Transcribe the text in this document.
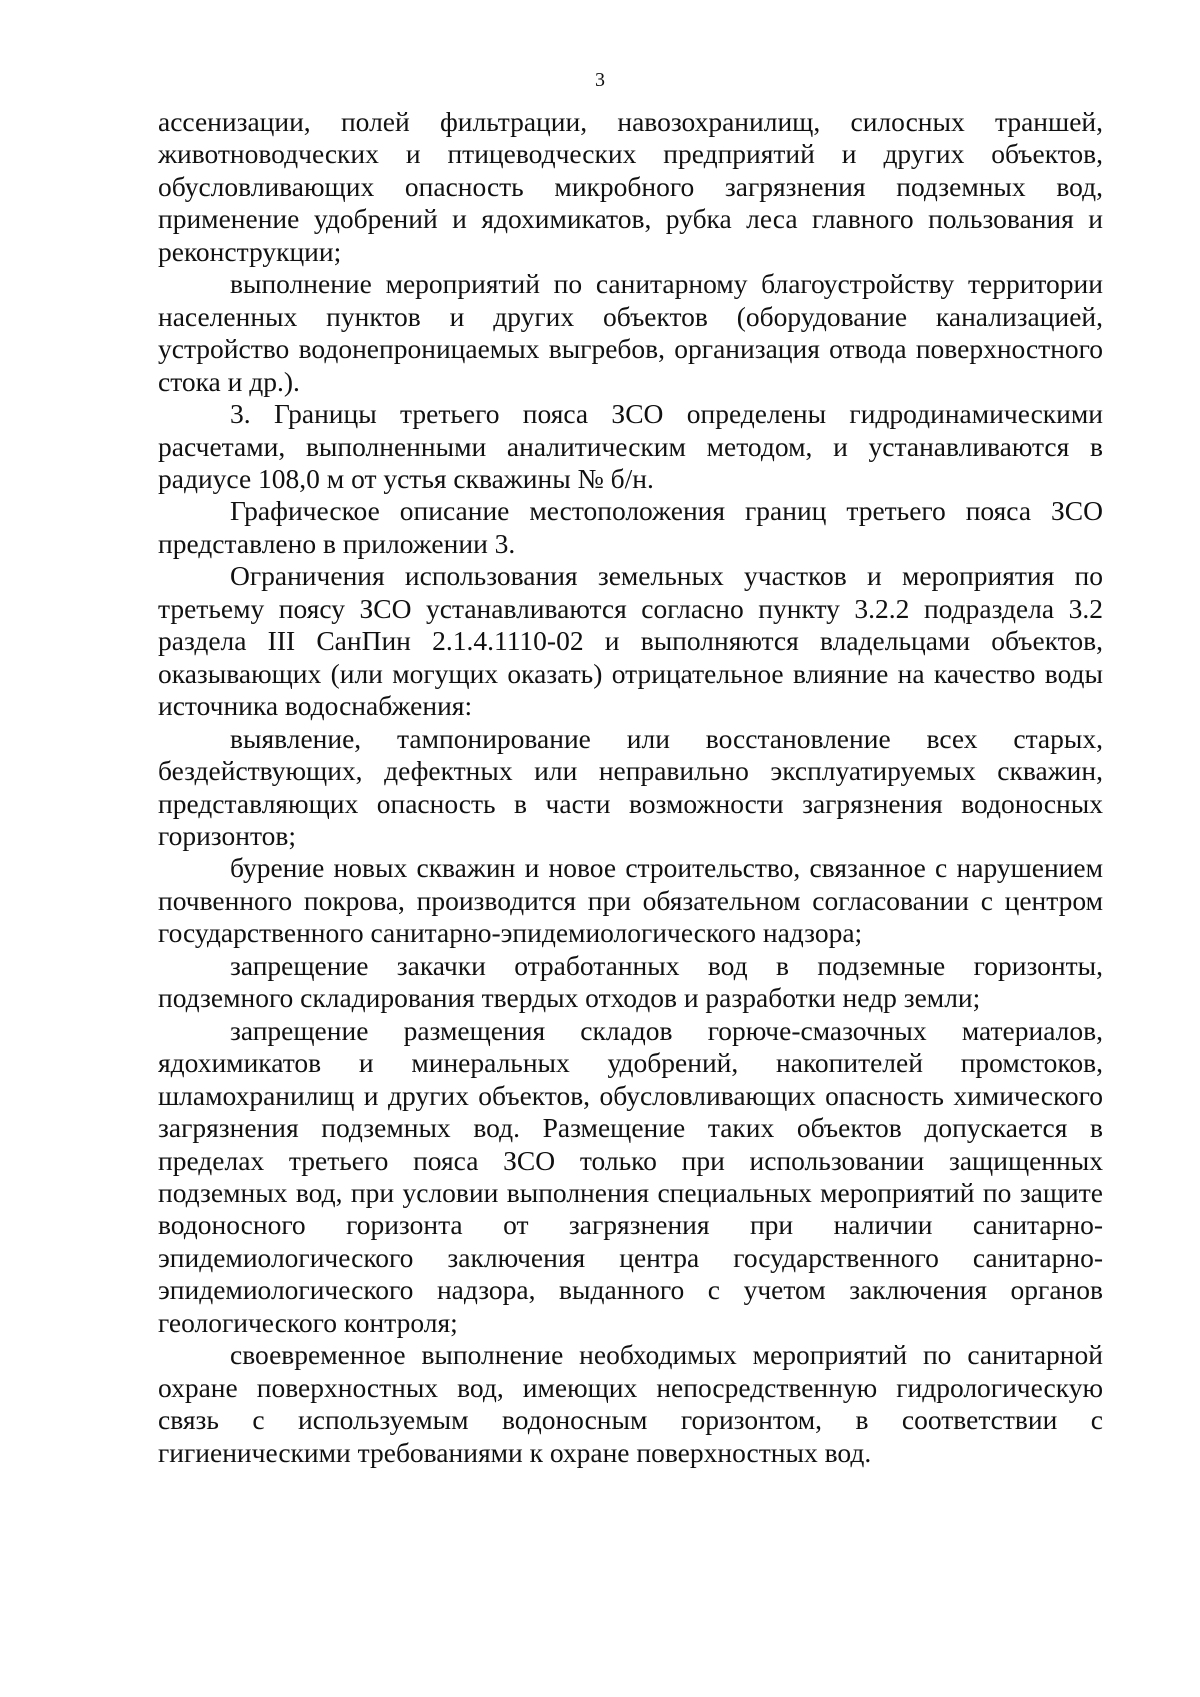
3

ассенизации, полей фильтрации, навозохранилищ, силосных траншей, животноводческих и птицеводческих предприятий и других объектов, обусловливающих опасность микробного загрязнения подземных вод, применение удобрений и ядохимикатов, рубка леса главного пользования и реконструкции;

выполнение мероприятий по санитарному благоустройству территории населенных пунктов и других объектов (оборудование канализацией, устройство водонепроницаемых выгребов, организация отвода поверхностного стока и др.).

3. Границы третьего пояса ЗСО определены гидродинамическими расчетами, выполненными аналитическим методом, и устанавливаются в радиусе 108,0 м от устья скважины № б/н.

Графическое описание местоположения границ третьего пояса ЗСО представлено в приложении 3.

Ограничения использования земельных участков и мероприятия по третьему поясу ЗСО устанавливаются согласно пункту 3.2.2 подраздела 3.2 раздела III СанПин 2.1.4.1110-02 и выполняются владельцами объектов, оказывающих (или могущих оказать) отрицательное влияние на качество воды источника водоснабжения:

выявление, тампонирование или восстановление всех старых, бездействующих, дефектных или неправильно эксплуатируемых скважин, представляющих опасность в части возможности загрязнения водоносных горизонтов;

бурение новых скважин и новое строительство, связанное с нарушением почвенного покрова, производится при обязательном согласовании с центром государственного санитарно-эпидемиологического надзора;

запрещение закачки отработанных вод в подземные горизонты, подземного складирования твердых отходов и разработки недр земли;

запрещение размещения складов горюче-смазочных материалов, ядохимикатов и минеральных удобрений, накопителей промстоков, шламохранилищ и других объектов, обусловливающих опасность химического загрязнения подземных вод. Размещение таких объектов допускается в пределах третьего пояса ЗСО только при использовании защищенных подземных вод, при условии выполнения специальных мероприятий по защите водоносного горизонта от загрязнения при наличии санитарно-эпидемиологического заключения центра государственного санитарно-эпидемиологического надзора, выданного с учетом заключения органов геологического контроля;

своевременное выполнение необходимых мероприятий по санитарной охране поверхностных вод, имеющих непосредственную гидрологическую связь с используемым водоносным горизонтом, в соответствии с гигиеническими требованиями к охране поверхностных вод.
